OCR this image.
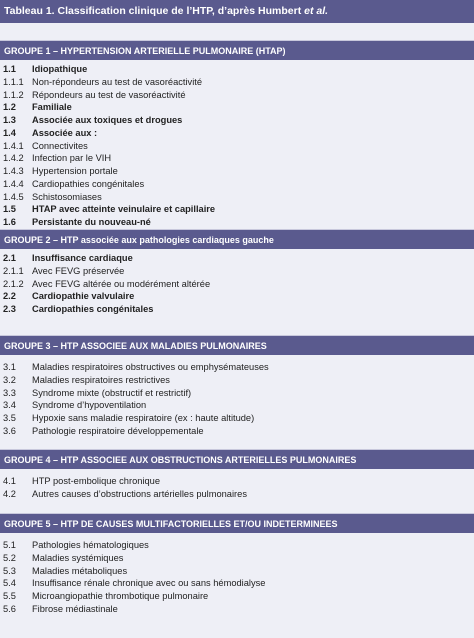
Tableau 1. Classification clinique de l’HTP, d’après Humbert et al.
GROUPE 1 – HYPERTENSION ARTERIELLE PULMONAIRE (HTAP)
1.1	Idiopathique
1.1.1 Non-répondeurs au test de vasoréactivité
1.1.2 Répondeurs au test de vasoréactivité
1.2	Familiale
1.3	Associée aux toxiques et drogues
1.4	Associée aux :
1.4.1 Connectivites
1.4.2 Infection par le VIH
1.4.3 Hypertension portale
1.4.4 Cardiopathies congénitales
1.4.5 Schistosomiases
1.5	HTAP avec atteinte veinulaire et capillaire
1.6	Persistante du nouveau-né
GROUPE 2 – HTP associée aux pathologies cardiaques gauche
2.1	Insuffisance cardiaque
2.1.1 Avec FEVG préservée
2.1.2 Avec FEVG altérée ou modérément altérée
2.2	Cardiopathie valvulaire
2.3	Cardiopathies congénitales
GROUPE 3 – HTP ASSOCIEE AUX MALADIES PULMONAIRES
3.1	Maladies respiratoires obstructives ou emphysémateuses
3.2	Maladies respiratoires restrictives
3.3	Syndrome mixte (obstructif et restrictif)
3.4	Syndrome d’hypoventilation
3.5	Hypoxie sans maladie respiratoire (ex : haute altitude)
3.6	Pathologie respiratoire développementale
GROUPE 4 – HTP ASSOCIEE AUX OBSTRUCTIONS ARTERIELLES PULMONAIRES
4.1	HTP post-embolique chronique
4.2	Autres causes d’obstructions artérielles pulmonaires
GROUPE 5 – HTP DE CAUSES MULTIFACTORIELLES ET/OU INDETERMINEES
5.1	Pathologies hématologiques
5.2	Maladies systémiques
5.3	Maladies métaboliques
5.4	Insuffisance rénale chronique avec ou sans hémodialyse
5.5	Microangiopathie thrombotique pulmonaire
5.6	Fibrose médiastinale
